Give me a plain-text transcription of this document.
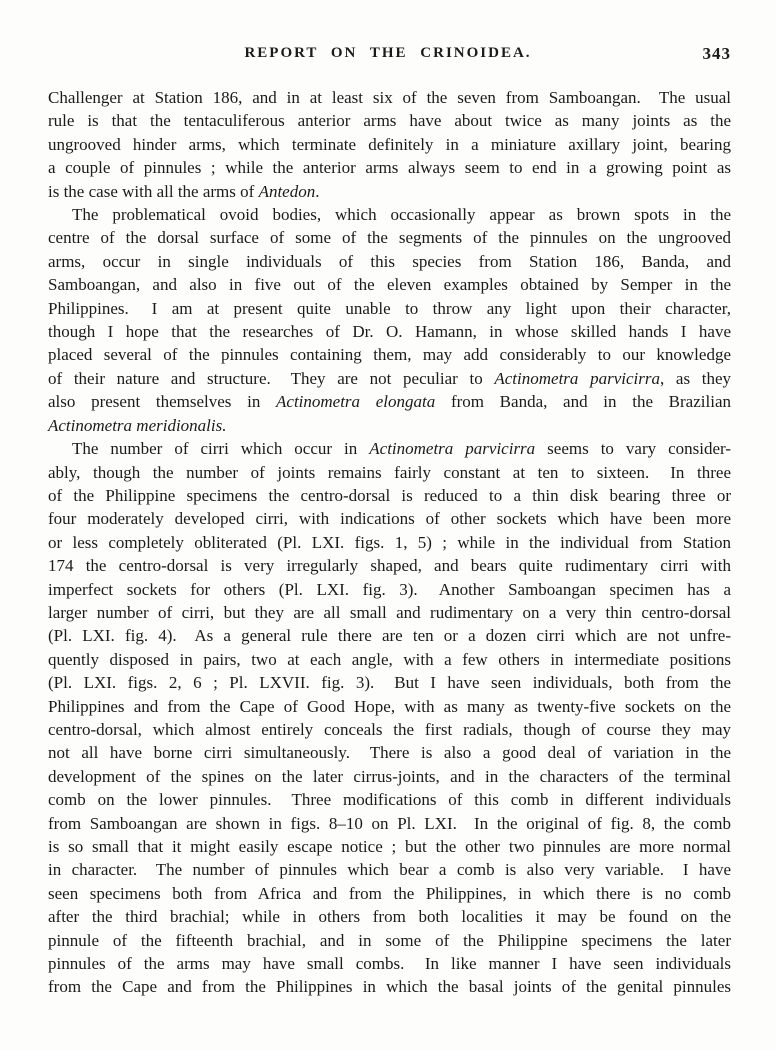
REPORT ON THE CRINOIDEA.	343
Challenger at Station 186, and in at least six of the seven from Samboangan.  The usual
rule is that the tentaculiferous anterior arms have about twice as many joints as the
ungrooved hinder arms, which terminate definitely in a miniature axillary joint, bearing
a couple of pinnules ; while the anterior arms always seem to end in a growing point as
is the case with all the arms of Antedon.
The problematical ovoid bodies, which occasionally appear as brown spots in the
centre of the dorsal surface of some of the segments of the pinnules on the ungrooved
arms, occur in single individuals of this species from Station 186, Banda, and
Samboangan, and also in five out of the eleven examples obtained by Semper in the
Philippines.  I am at present quite unable to throw any light upon their character,
though I hope that the researches of Dr. O. Hamann, in whose skilled hands I have
placed several of the pinnules containing them, may add considerably to our knowledge
of their nature and structure.  They are not peculiar to Actinometra parvicirra, as they
also present themselves in Actinometra elongata from Banda, and in the Brazilian
Actinometra meridionalis.
The number of cirri which occur in Actinometra parvicirra seems to vary consider-
ably, though the number of joints remains fairly constant at ten to sixteen.  In three
of the Philippine specimens the centro-dorsal is reduced to a thin disk bearing three or
four moderately developed cirri, with indications of other sockets which have been more
or less completely obliterated (Pl. LXI. figs. 1, 5) ; while in the individual from Station
174 the centro-dorsal is very irregularly shaped, and bears quite rudimentary cirri with
imperfect sockets for others (Pl. LXI. fig. 3).  Another Samboangan specimen has a
larger number of cirri, but they are all small and rudimentary on a very thin centro-dorsal
(Pl. LXI. fig. 4).  As a general rule there are ten or a dozen cirri which are not unfre-
quently disposed in pairs, two at each angle, with a few others in intermediate positions
(Pl. LXI. figs. 2, 6 ; Pl. LXVII. fig. 3).  But I have seen individuals, both from the
Philippines and from the Cape of Good Hope, with as many as twenty-five sockets on the
centro-dorsal, which almost entirely conceals the first radials, though of course they may
not all have borne cirri simultaneously.  There is also a good deal of variation in the
development of the spines on the later cirrus-joints, and in the characters of the terminal
comb on the lower pinnules.  Three modifications of this comb in different individuals
from Samboangan are shown in figs. 8–10 on Pl. LXI.  In the original of fig. 8, the comb
is so small that it might easily escape notice ; but the other two pinnules are more normal
in character.  The number of pinnules which bear a comb is also very variable.  I have
seen specimens both from Africa and from the Philippines, in which there is no comb
after the third brachial; while in others from both localities it may be found on the
pinnule of the fifteenth brachial, and in some of the Philippine specimens the later
pinnules of the arms may have small combs.  In like manner I have seen individuals
from the Cape and from the Philippines in which the basal joints of the genital pinnules
